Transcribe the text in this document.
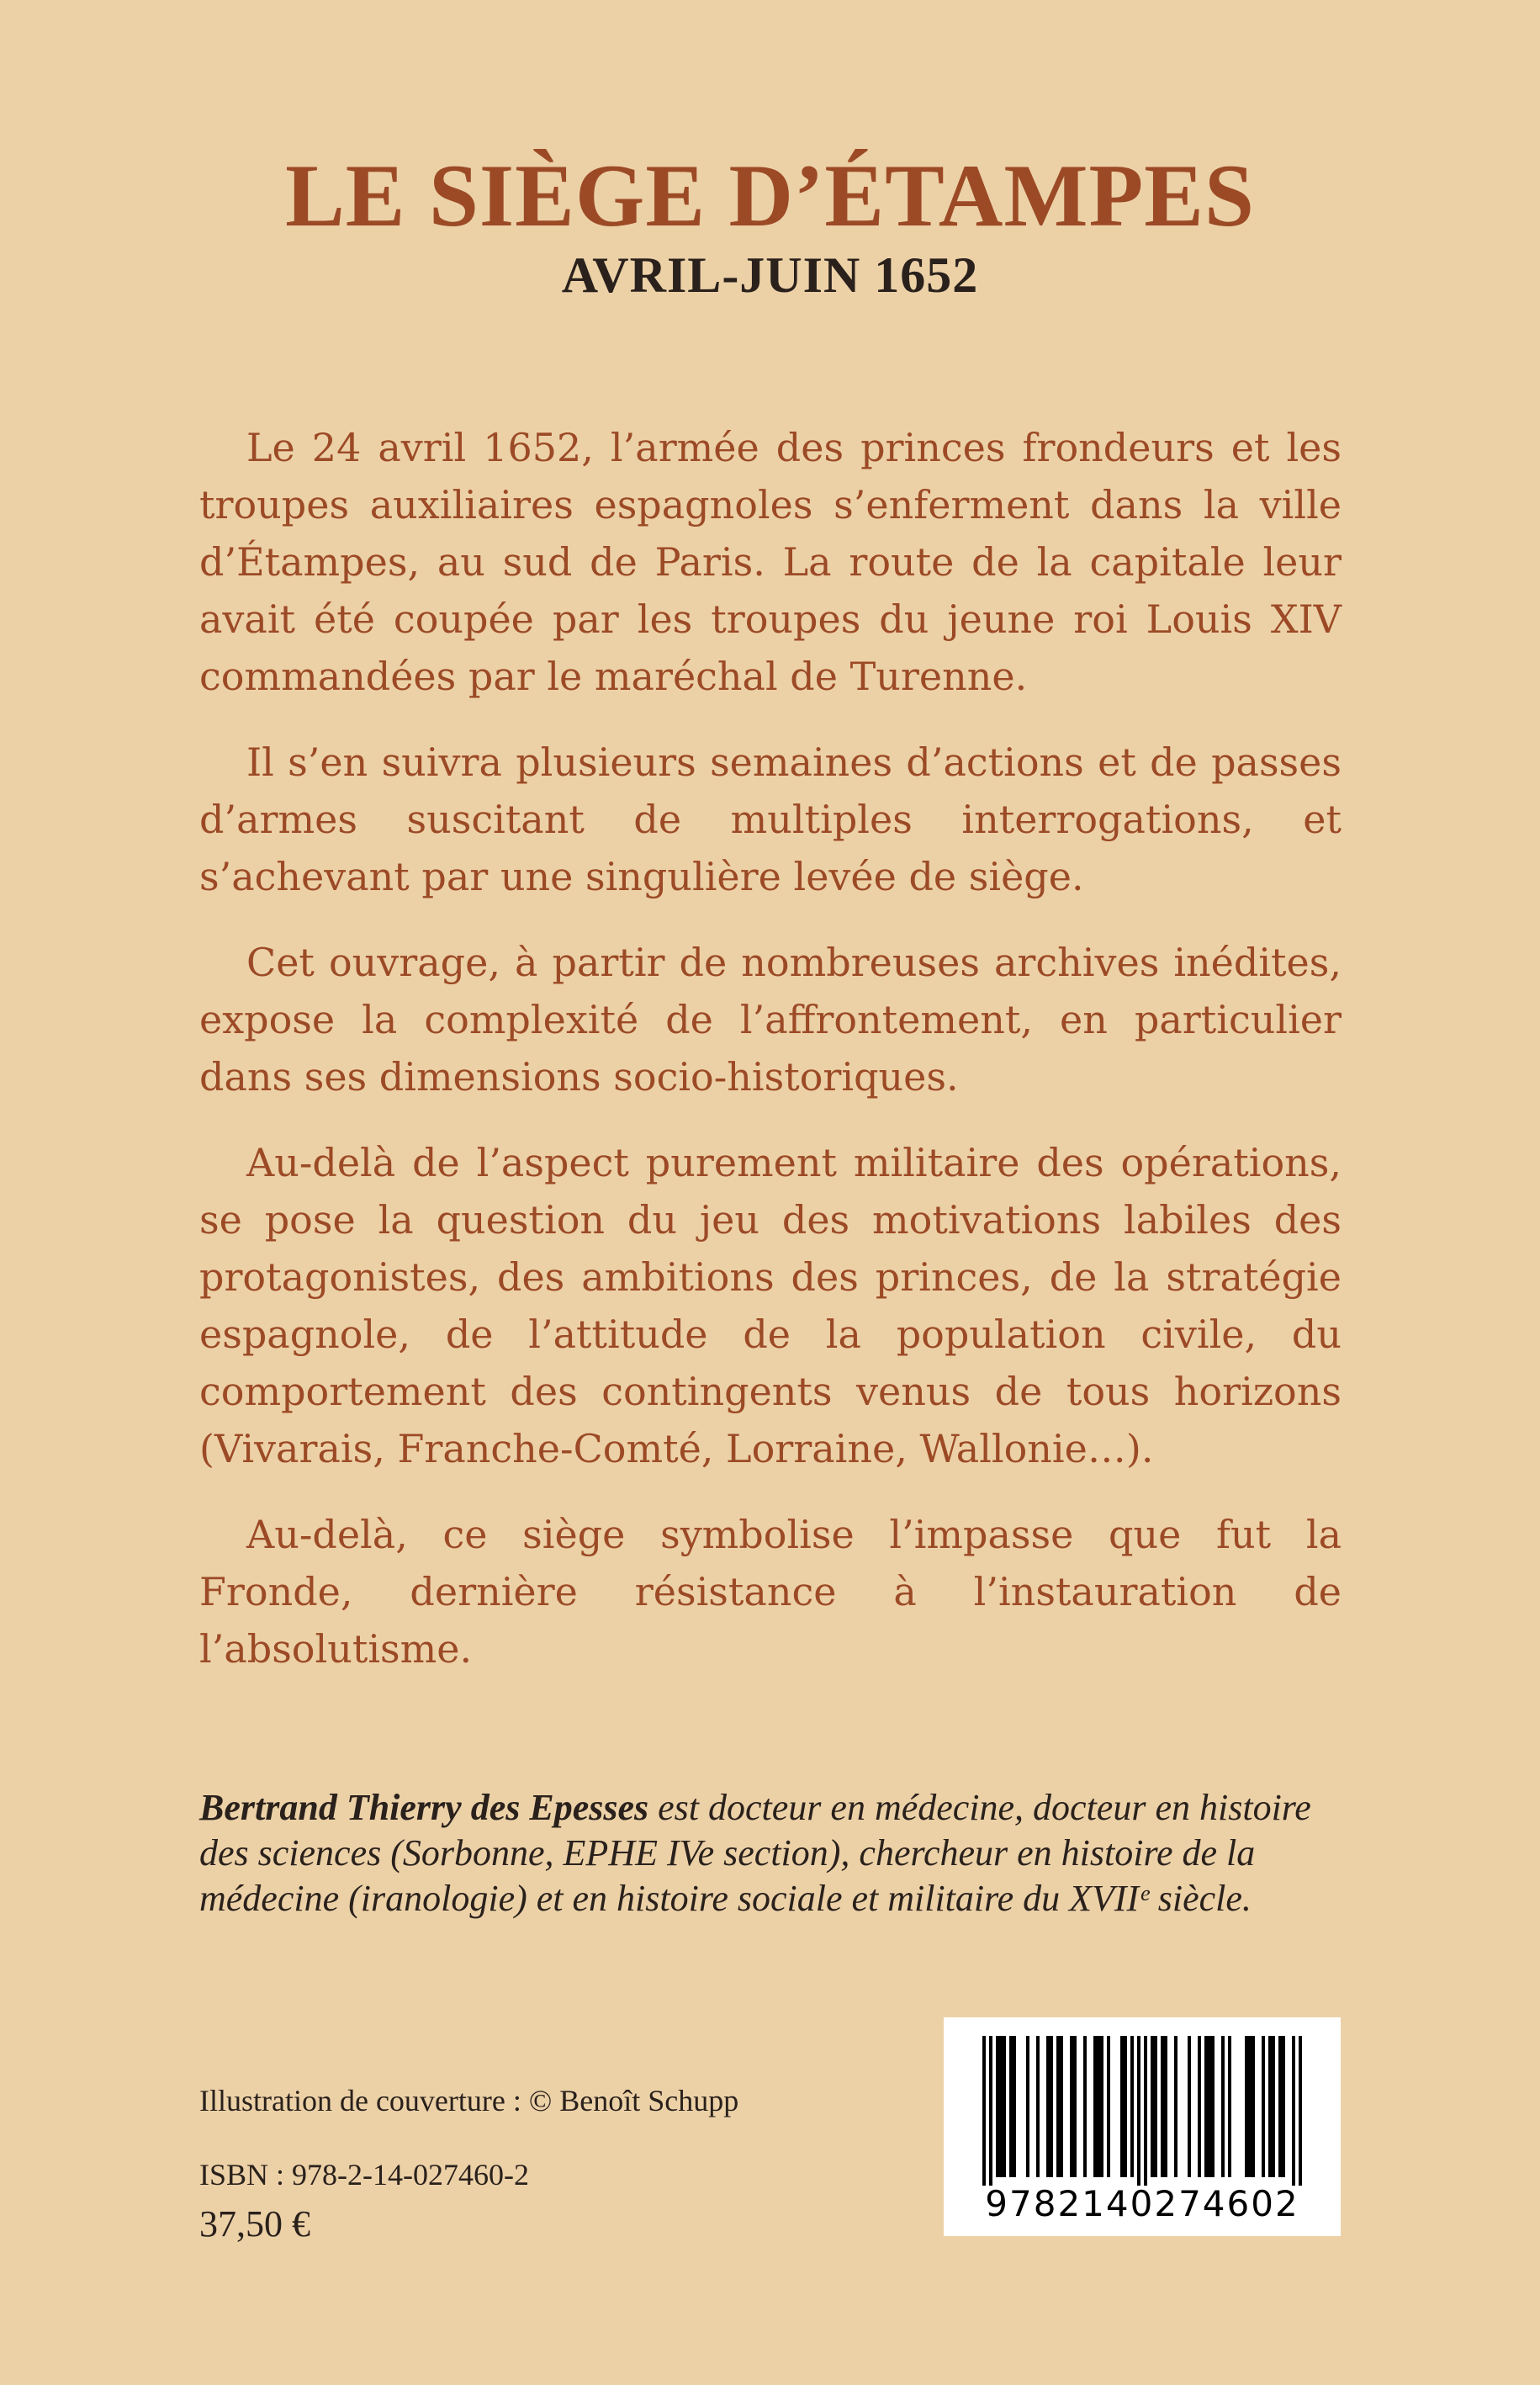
LE SIÈGE D’ÉTAMPES
AVRIL-JUIN 1652

Le 24 avril 1652, l’armée des princes frondeurs et les troupes auxiliaires espagnoles s’enferment dans la ville d’Étampes, au sud de Paris. La route de la capitale leur avait été coupée par les troupes du jeune roi Louis XIV commandées par le maréchal de Turenne.

Il s’en suivra plusieurs semaines d’actions et de passes d’armes suscitant de multiples interrogations, et s’achevant par une singulière levée de siège.

Cet ouvrage, à partir de nombreuses archives inédites, expose la complexité de l’affrontement, en particulier dans ses dimensions socio-historiques.

Au-delà de l’aspect purement militaire des opérations, se pose la question du jeu des motivations labiles des protagonistes, des ambitions des princes, de la stratégie espagnole, de l’attitude de la population civile, du comportement des contingents venus de tous horizons (Vivarais, Franche-Comté, Lorraine, Wallonie…).

Au-delà, ce siège symbolise l’impasse que fut la Fronde, dernière résistance à l’instauration de l’absolutisme.

Bertrand Thierry des Epesses est docteur en médecine, docteur en histoire des sciences (Sorbonne, EPHE IVe section), chercheur en histoire de la médecine (iranologie) et en histoire sociale et militaire du XVIIᵉ siècle.

Illustration de couverture : © Benoît Schupp

ISBN : 978-2-14-027460-2

37,50 €	9782140274602
